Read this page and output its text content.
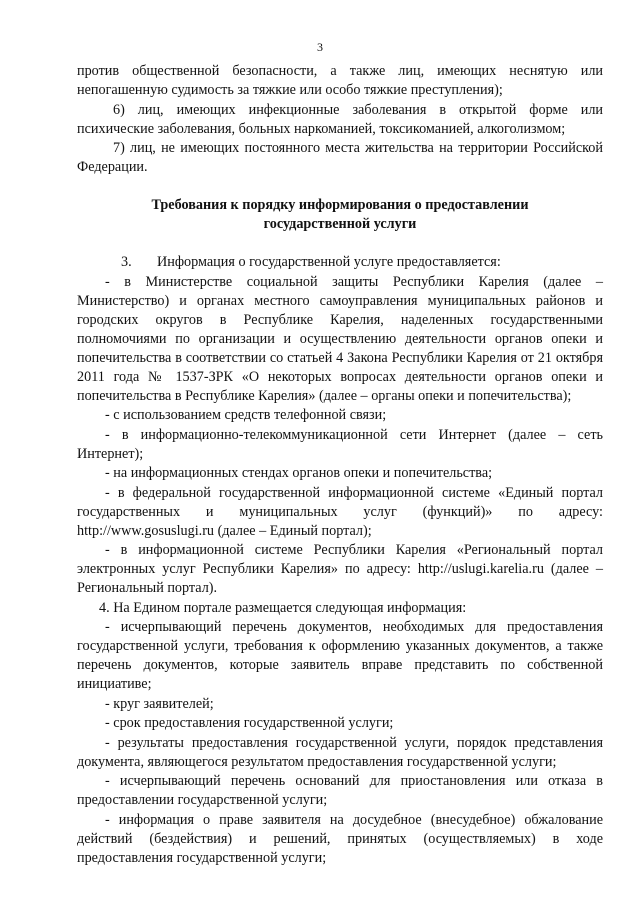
3

против общественной безопасности, а также лиц, имеющих неснятую или непогашенную судимость за тяжкие или особо тяжкие преступления);

6) лиц, имеющих инфекционные заболевания в открытой форме или психические заболевания, больных наркоманией, токсикоманией, алкоголизмом;

7) лиц, не имеющих постоянного места жительства на территории Российской Федерации.

Требования к порядку информирования о предоставлении государственной услуги

3. Информация о государственной услуге предоставляется:

- в Министерстве социальной защиты Республики Карелия (далее – Министерство) и органах местного самоуправления муниципальных районов и городских округов в Республике Карелия, наделенных государственными полномочиями по организации и осуществлению деятельности органов опеки и попечительства в соответствии со статьей 4 Закона Республики Карелия от 21 октября 2011 года № 1537-ЗРК «О некоторых вопросах деятельности органов опеки и попечительства в Республике Карелия» (далее – органы опеки и попечительства);

- с использованием средств телефонной связи;

- в информационно-телекоммуникационной сети Интернет (далее – сеть Интернет);

- на информационных стендах органов опеки и попечительства;

- в федеральной государственной информационной системе «Единый портал государственных и муниципальных услуг (функций)» по адресу: http://www.gosuslugi.ru (далее – Единый портал);

- в информационной системе Республики Карелия «Региональный портал электронных услуг Республики Карелия» по адресу: http://uslugi.karelia.ru (далее – Региональный портал).

4. На Едином портале размещается следующая информация:

- исчерпывающий перечень документов, необходимых для предоставления государственной услуги, требования к оформлению указанных документов, а также перечень документов, которые заявитель вправе представить по собственной инициативе;

- круг заявителей;

- срок предоставления государственной услуги;

- результаты предоставления государственной услуги, порядок представления документа, являющегося результатом предоставления государственной услуги;

- исчерпывающий перечень оснований для приостановления или отказа в предоставлении государственной услуги;

- информация о праве заявителя на досудебное (внесудебное) обжалование действий (бездействия) и решений, принятых (осуществляемых) в ходе предоставления государственной услуги;
